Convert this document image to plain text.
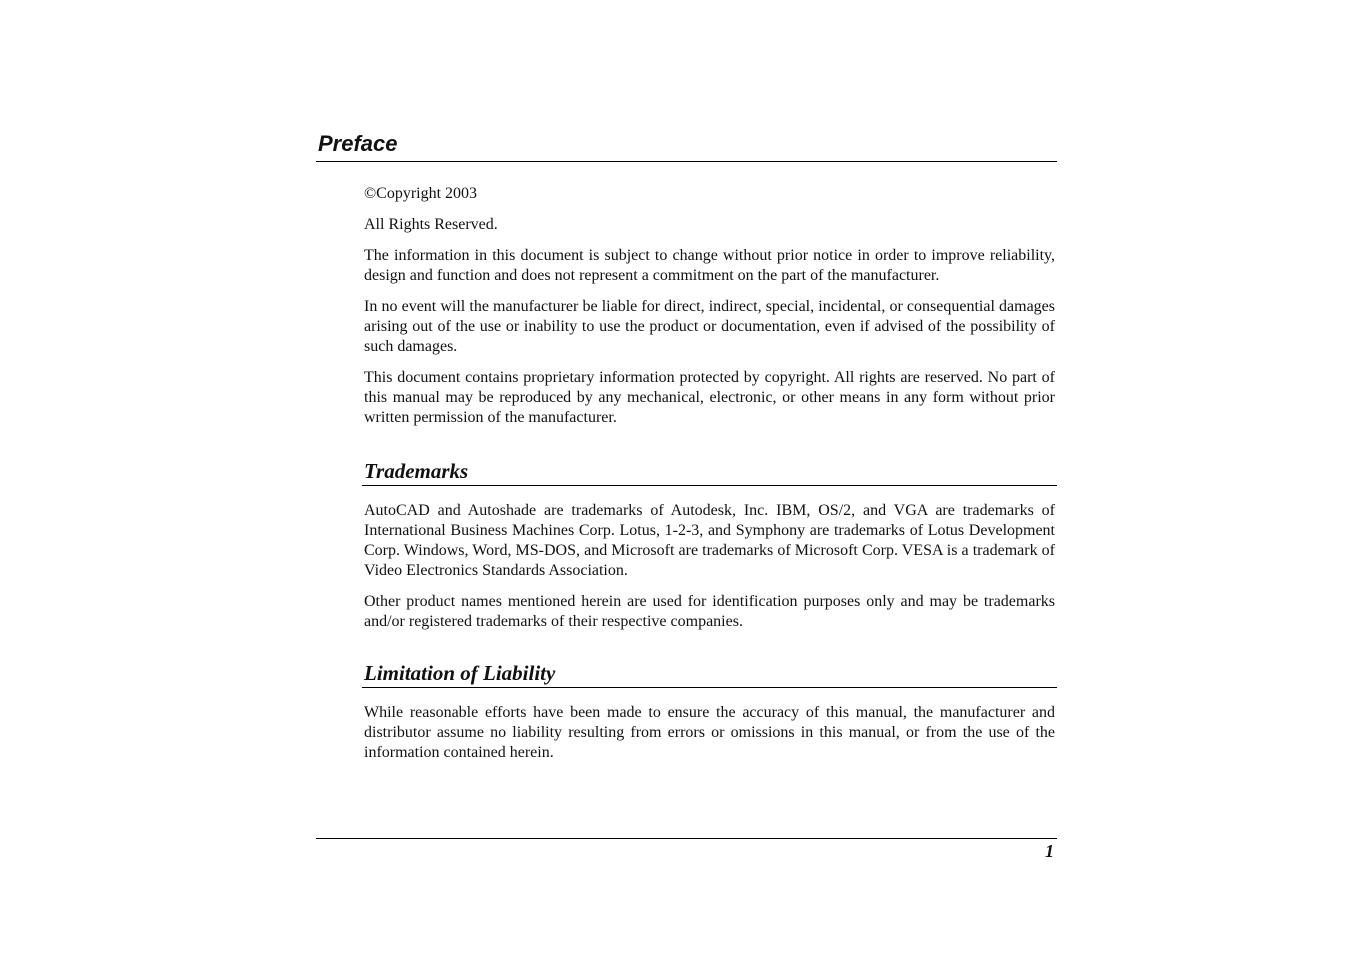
Preface

©Copyright 2003

All Rights Reserved.

The information in this document is subject to change without prior notice in order to improve reliability, design and function and does not represent a commitment on the part of the manufacturer.

In no event will the manufacturer be liable for direct, indirect, special, incidental, or consequential damages arising out of the use or inability to use the product or documentation, even if advised of the possibility of such damages.

This document contains proprietary information protected by copyright. All rights are reserved. No part of this manual may be reproduced by any mechanical, electronic, or other means in any form without prior written permission of the manufacturer.

Trademarks

AutoCAD and Autoshade are trademarks of Autodesk, Inc. IBM, OS/2, and VGA are trademarks of International Business Machines Corp. Lotus, 1-2-3, and Symphony are trademarks of Lotus Development Corp. Windows, Word, MS-DOS, and Microsoft are trademarks of Microsoft Corp. VESA is a trademark of Video Electronics Standards Association.

Other product names mentioned herein are used for identification purposes only and may be trademarks and/or registered trademarks of their respective companies.

Limitation of Liability

While reasonable efforts have been made to ensure the accuracy of this manual, the manufacturer and distributor assume no liability resulting from errors or omissions in this manual, or from the use of the information contained herein.

1
